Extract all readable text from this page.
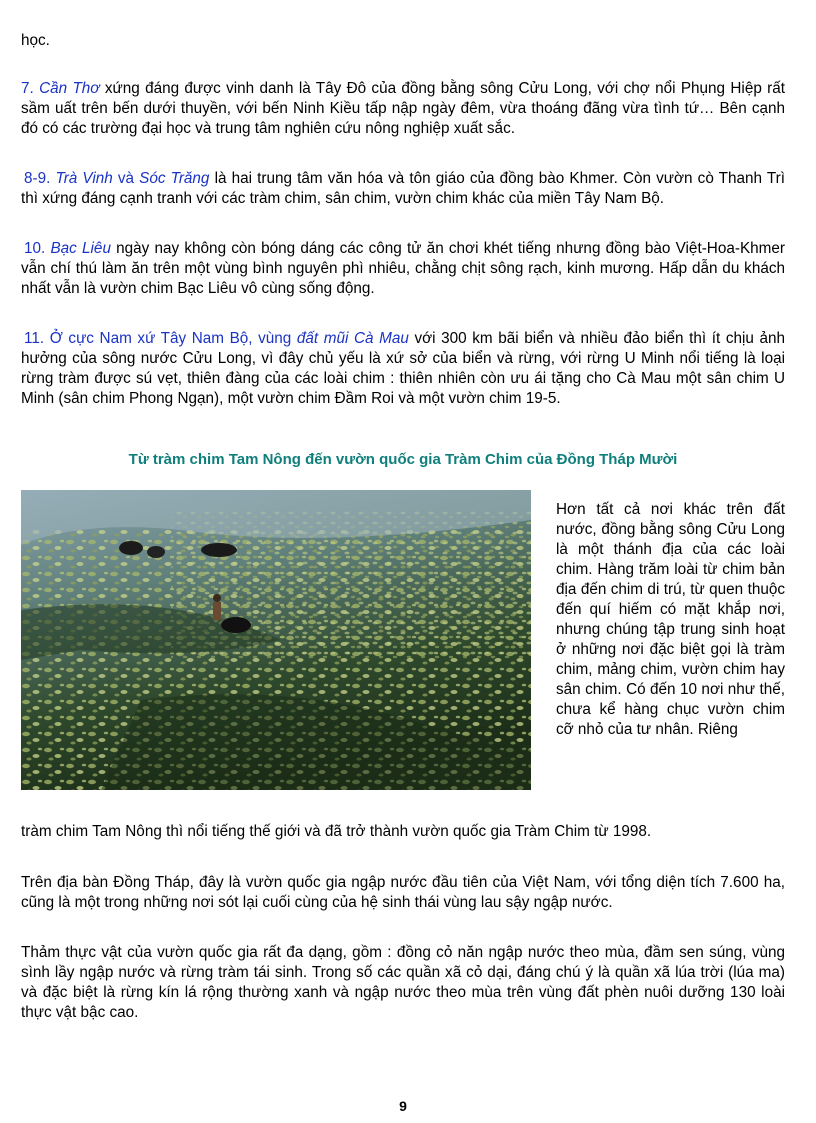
học.

7. Cần Thơ xứng đáng được vinh danh là Tây Đô của đồng bằng sông Cửu Long, với chợ nổi Phụng Hiệp rất sầm uất trên bến dưới thuyền, với bến Ninh Kiều tấp nập ngày đêm, vừa thoáng đãng vừa tình tứ… Bên cạnh đó có các trường đại học và trung tâm nghiên cứu nông nghiệp xuất sắc.

8-9. Trà Vinh và Sóc Trăng là hai trung tâm văn hóa và tôn giáo của đồng bào Khmer. Còn vườn cò Thanh Trì thì xứng đáng cạnh tranh với các tràm chim, sân chim, vườn chim khác của miền Tây Nam Bộ.

10. Bạc Liêu ngày nay không còn bóng dáng các công tử ăn chơi khét tiếng nhưng đồng bào Việt-Hoa-Khmer vẫn chí thú làm ăn trên một vùng bình nguyên phì nhiêu, chằng chịt sông rạch, kinh mương. Hấp dẫn du khách nhất vẫn là vườn chim Bạc Liêu vô cùng sống động.

11. Ở cực Nam xứ Tây Nam Bộ, vùng đất mũi Cà Mau với 300 km bãi biển và nhiều đảo biển thì ít chịu ảnh hưởng của sông nước Cửu Long, vì đây chủ yếu là xứ sở của biển và rừng, với rừng U Minh nổi tiếng là loại rừng tràm được sú vẹt, thiên đàng của các loài chim : thiên nhiên còn ưu ái tặng cho Cà Mau một sân chim U Minh (sân chim Phong Ngạn), một vườn chim Đầm Roi và một vườn chim 19-5.

Từ tràm chim Tam Nông đến vườn quốc gia Tràm Chim của Đồng Tháp Mười

Hơn tất cả nơi khác trên đất nước, đồng bằng sông Cửu Long là một thánh địa của các loài chim. Hàng trăm loài từ chim bản địa đến chim di trú, từ quen thuộc đến quí hiếm có mặt khắp nơi, nhưng chúng tập trung sinh hoạt ở những nơi đặc biệt gọi là tràm chim, mảng chim, vườn chim hay sân chim. Có đến 10 nơi như thế, chưa kể hàng chục vườn chim cỡ nhỏ của tư nhân. Riêng

tràm chim Tam Nông thì nổi tiếng thế giới và đã trở thành vườn quốc gia Tràm Chim từ 1998.

Trên địa bàn Đồng Tháp, đây là vườn quốc gia ngập nước đầu tiên của Việt Nam, với tổng diện tích 7.600 ha, cũng là một trong những nơi sót lại cuối cùng của hệ sinh thái vùng lau sậy ngập nước.

Thảm thực vật của vườn quốc gia rất đa dạng, gồm : đồng cỏ năn ngập nước theo mùa, đầm sen súng, vùng sình lầy ngập nước và rừng tràm tái sinh. Trong số các quần xã cỏ dại, đáng chú ý là quần xã lúa trời (lúa ma) và đặc biệt là rừng kín lá rộng thường xanh và ngập nước theo mùa trên vùng đất phèn nuôi dưỡng 130 loài thực vật bậc cao.

9
